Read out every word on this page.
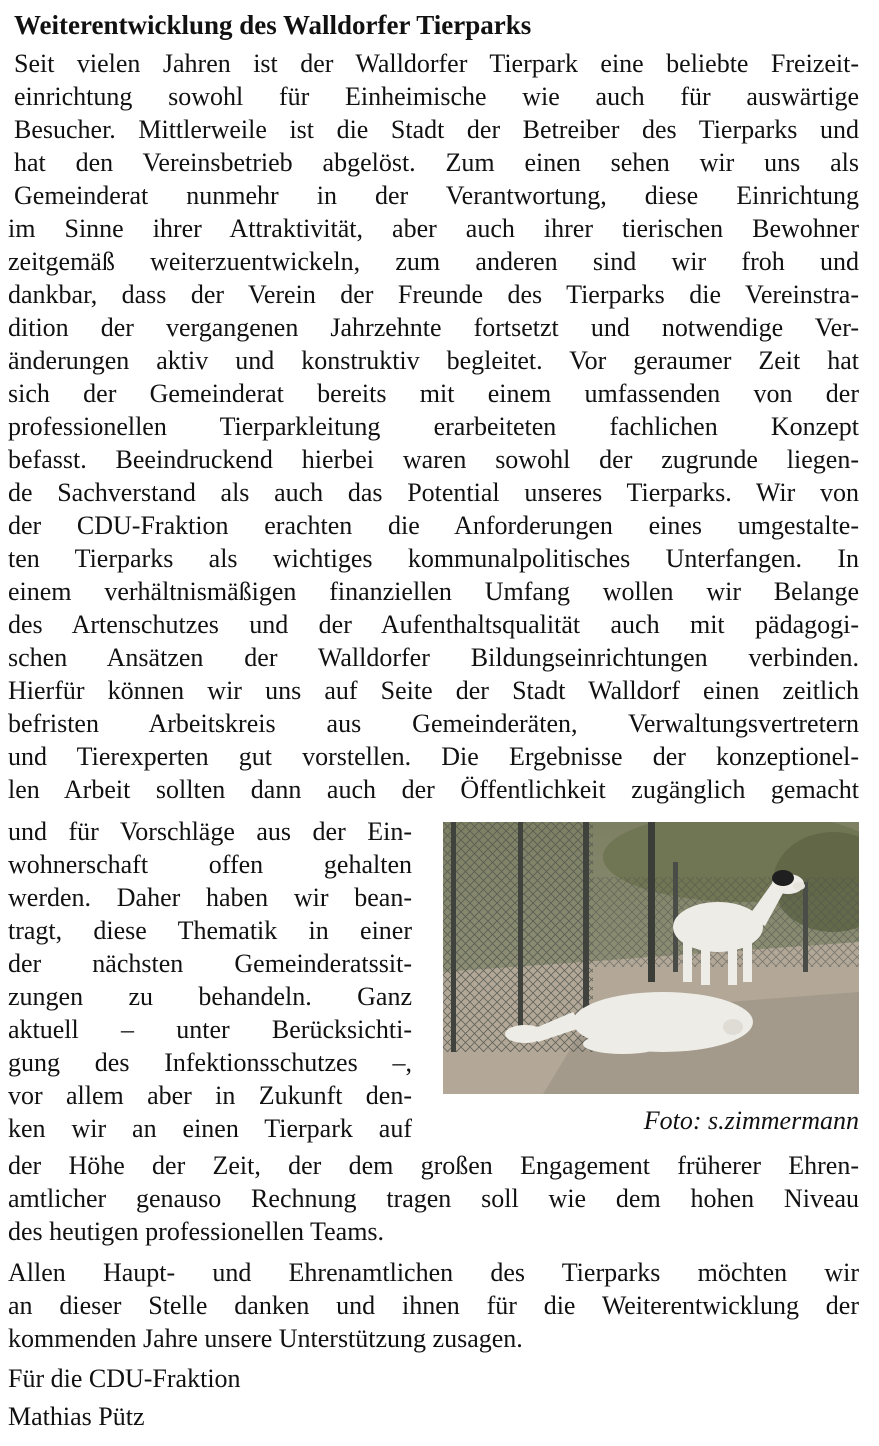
Weiterentwicklung des Walldorfer Tierparks
Seit vielen Jahren ist der Walldorfer Tierpark eine beliebte Freizeit-
einrichtung sowohl für Einheimische wie auch für auswärtige
Besucher. Mittlerweile ist die Stadt der Betreiber des Tierparks und
hat den Vereinsbetrieb abgelöst. Zum einen sehen wir uns als
Gemeinderat nunmehr in der Verantwortung, diese Einrichtung
im Sinne ihrer Attraktivität, aber auch ihrer tierischen Bewohner
zeitgemäß weiterzuentwickeln, zum anderen sind wir froh und
dankbar, dass der Verein der Freunde des Tierparks die Vereinstra-
dition der vergangenen Jahrzehnte fortsetzt und notwendige Ver-
änderungen aktiv und konstruktiv begleitet. Vor geraumer Zeit hat
sich der Gemeinderat bereits mit einem umfassenden von der
professionellen Tierparkleitung erarbeiteten fachlichen Konzept
befasst. Beeindruckend hierbei waren sowohl der zugrunde liegen-
de Sachverstand als auch das Potential unseres Tierparks. Wir von
der CDU-Fraktion erachten die Anforderungen eines umgestalte-
ten Tierparks als wichtiges kommunalpolitisches Unterfangen. In
einem verhältnismäßigen finanziellen Umfang wollen wir Belange
des Artenschutzes und der Aufenthaltsqualität auch mit pädagogi-
schen Ansätzen der Walldorfer Bildungseinrichtungen verbinden.
Hierfür können wir uns auf Seite der Stadt Walldorf einen zeitlich
befristen Arbeitskreis aus Gemeinderäten, Verwaltungsvertretern
und Tierexperten gut vorstellen. Die Ergebnisse der konzeptionel-
len Arbeit sollten dann auch der Öffentlichkeit zugänglich gemacht
und für Vorschläge aus der Ein-
wohnerschaft offen gehalten
werden. Daher haben wir bean-
tragt, diese Thematik in einer
der nächsten Gemeinderatssit-
zungen zu behandeln. Ganz
aktuell – unter Berücksichti-
gung des Infektionsschutzes –,
vor allem aber in Zukunft den-
ken wir an einen Tierpark auf
der Höhe der Zeit, der dem großen Engagement früherer Ehren-
amtlicher genauso Rechnung tragen soll wie dem hohen Niveau
des heutigen professionellen Teams.
Allen Haupt- und Ehrenamtlichen des Tierparks möchten wir
an dieser Stelle danken und ihnen für die Weiterentwicklung der
kommenden Jahre unsere Unterstützung zusagen.
Für die CDU-Fraktion
Mathias Pütz
Foto: s.zimmermann
